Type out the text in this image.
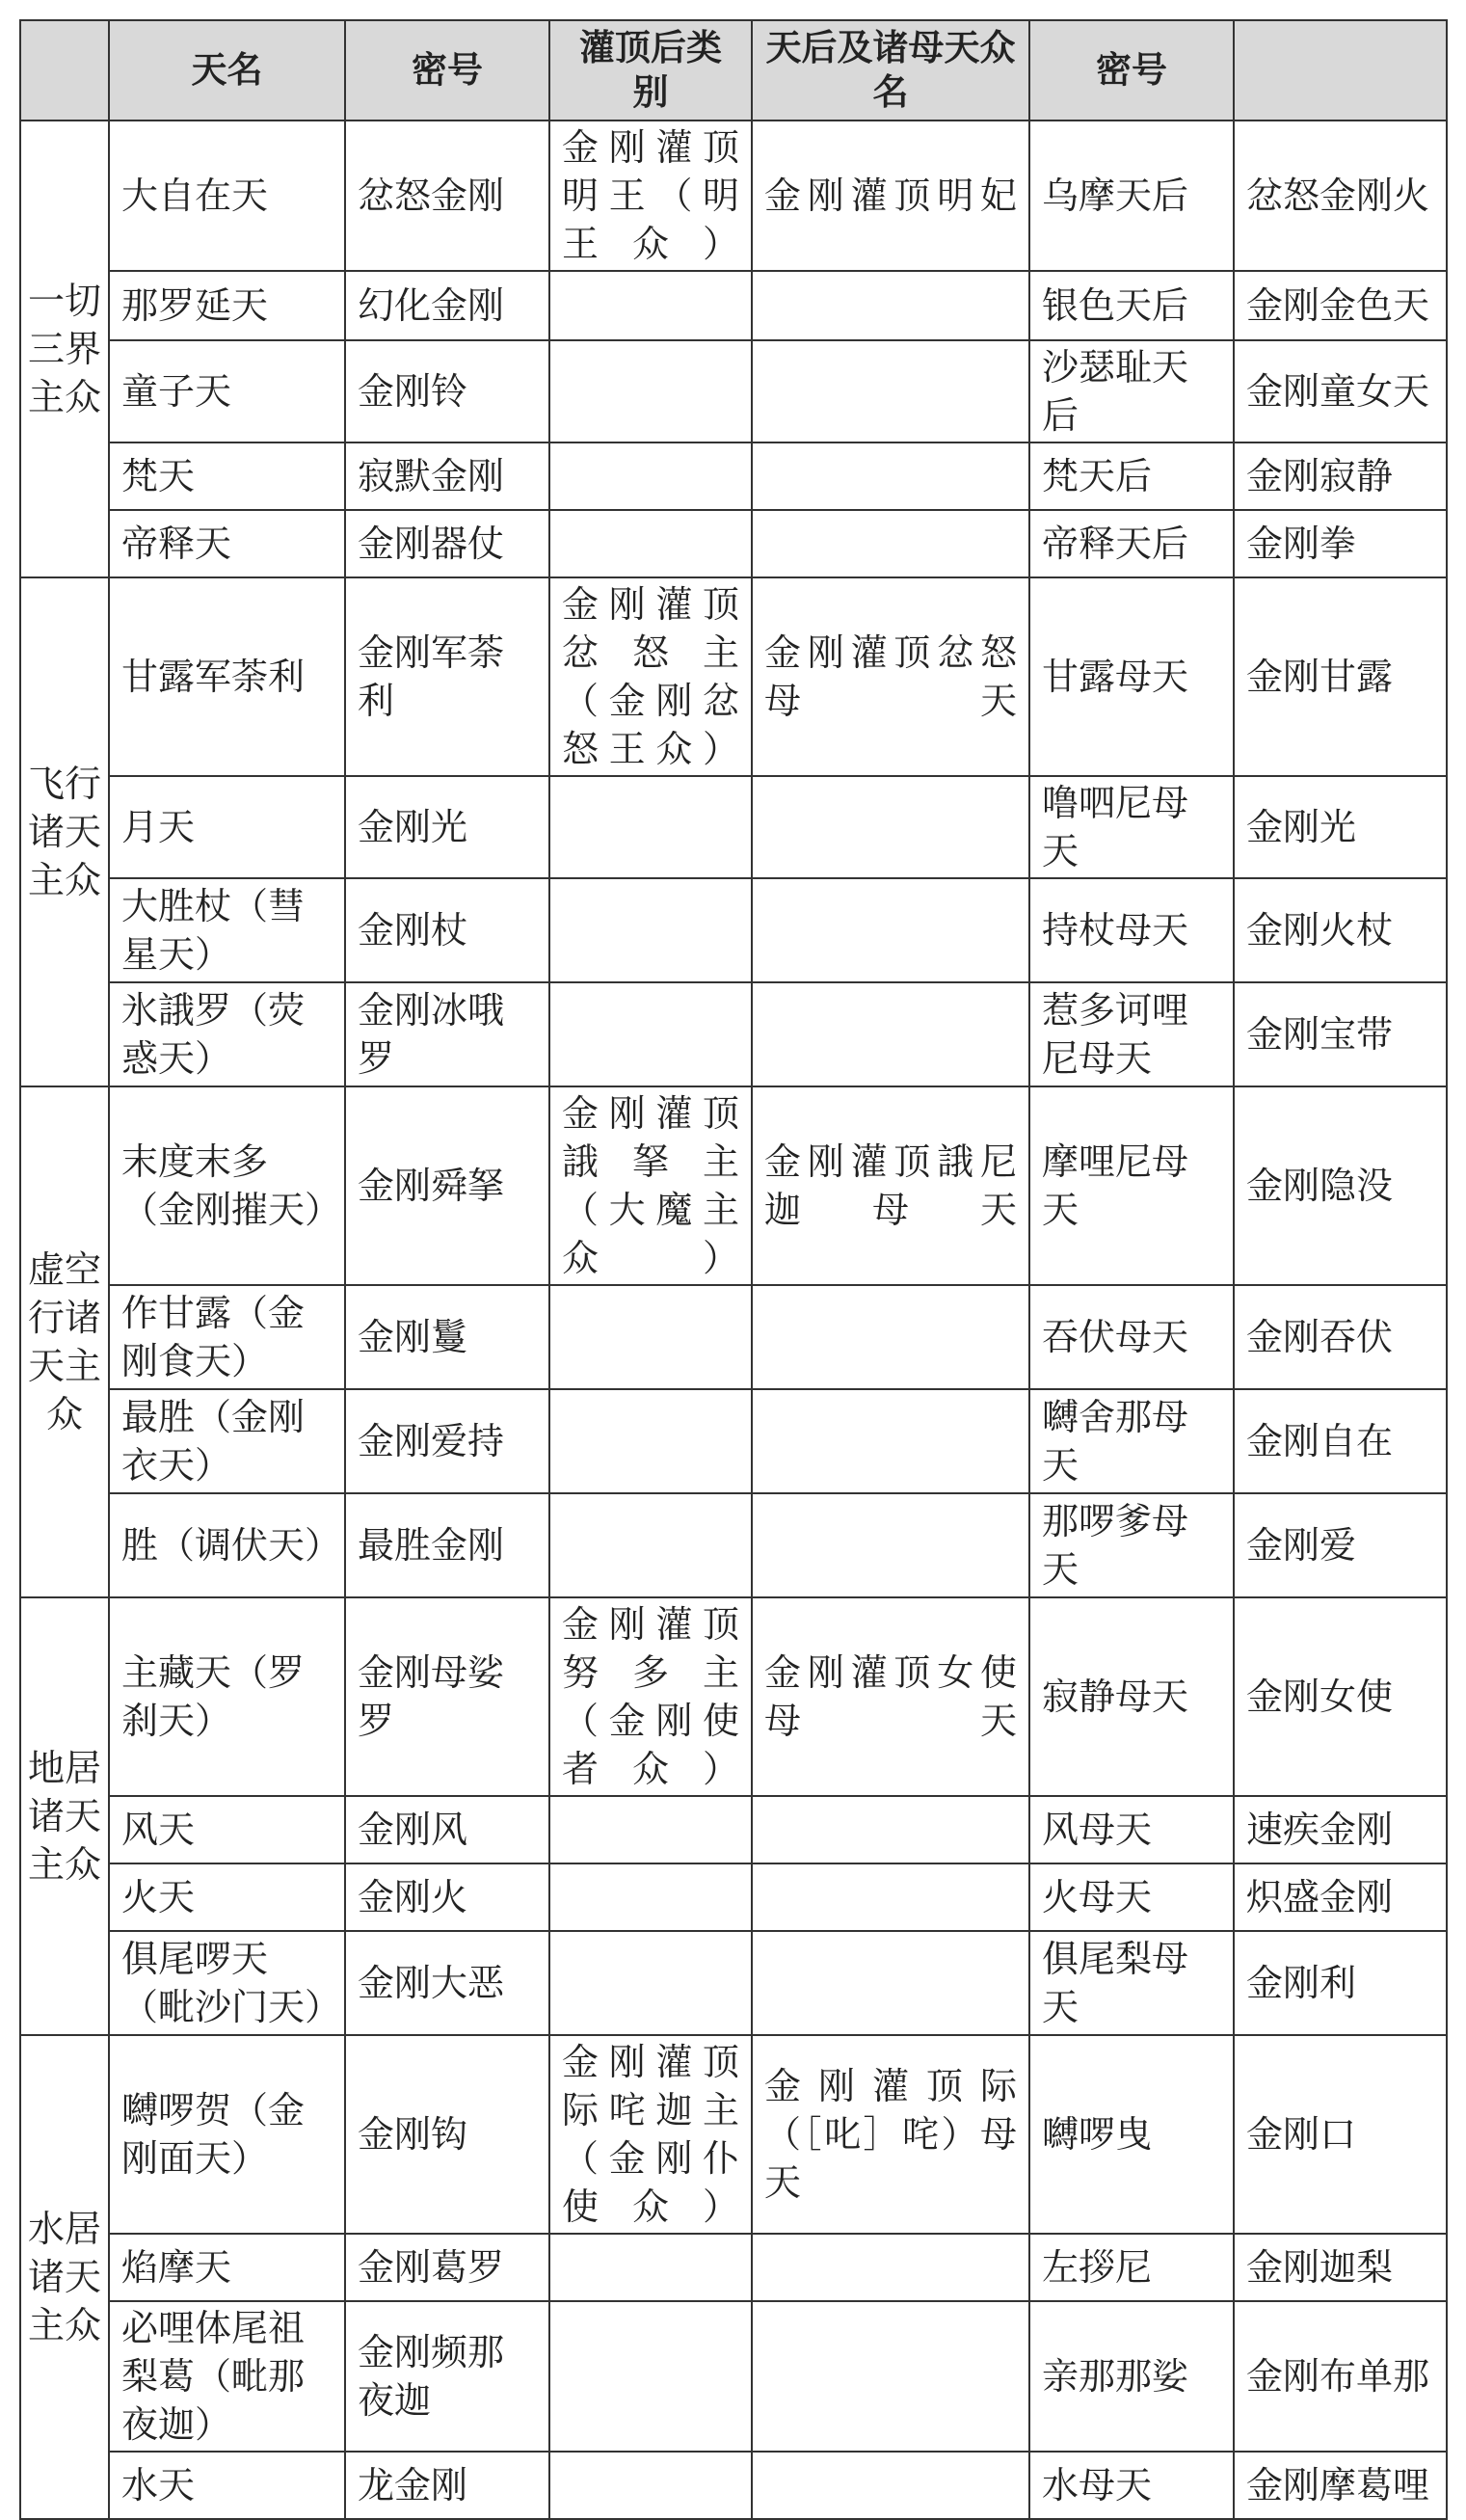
	天名	密号	灌顶后类别	天后及诸母天众名	密号	
一切三界主众	大自在天	忿怒金刚	金刚灌顶明王（明王众）	金刚灌顶明妃	乌摩天后	忿怒金刚火
	那罗延天	幻化金刚			银色天后	金刚金色天
	童子天	金刚铃			沙瑟耻天后	金刚童女天
	梵天	寂默金刚			梵天后	金刚寂静
	帝释天	金刚器仗			帝释天后	金刚拳
飞行诸天主众	甘露军荼利	金刚军荼利	金刚灌顶忿怒主（金刚忿怒王众）	金刚灌顶忿怒母天	甘露母天	金刚甘露
	月天	金刚光			噜呬尼母天	金刚光
	大胜杖（彗星天）	金刚杖			持杖母天	金刚火杖
	氷誐罗（荧惑天）	金刚冰哦罗			惹多诃哩尼母天	金刚宝带
虚空行诸天主众	末度末多（金刚摧天）	金刚舜拏	金刚灌顶誐拏主（大魔主众）	金刚灌顶誐尼迦母天	摩哩尼母天	金刚隐没
	作甘露（金刚食天）	金刚鬘			吞伏母天	金刚吞伏
	最胜（金刚衣天）	金刚爱持			嚩舍那母天	金刚自在
	胜（调伏天）	最胜金刚			那啰爹母天	金刚爱
地居诸天主众	主藏天（罗刹天）	金刚母娑罗	金刚灌顶努多主（金刚使者众）	金刚灌顶女使母天	寂静母天	金刚女使
	风天	金刚风			风母天	速疾金刚
	火天	金刚火			火母天	炽盛金刚
	俱尾啰天（毗沙门天）	金刚大恶			俱尾梨母天	金刚利
水居诸天主众	嚩啰贺（金刚面天）	金刚钩	金刚灌顶际咤迦主（金刚仆使众）	金刚灌顶际（［叱］咤）母天	嚩啰曳	金刚口
	焰摩天	金刚葛罗			左拶尼	金刚迦梨
	必哩体尾祖梨葛（毗那夜迦）	金刚频那夜迦			亲那那娑	金刚布单那
	水天	龙金刚			水母天	金刚摩葛哩
